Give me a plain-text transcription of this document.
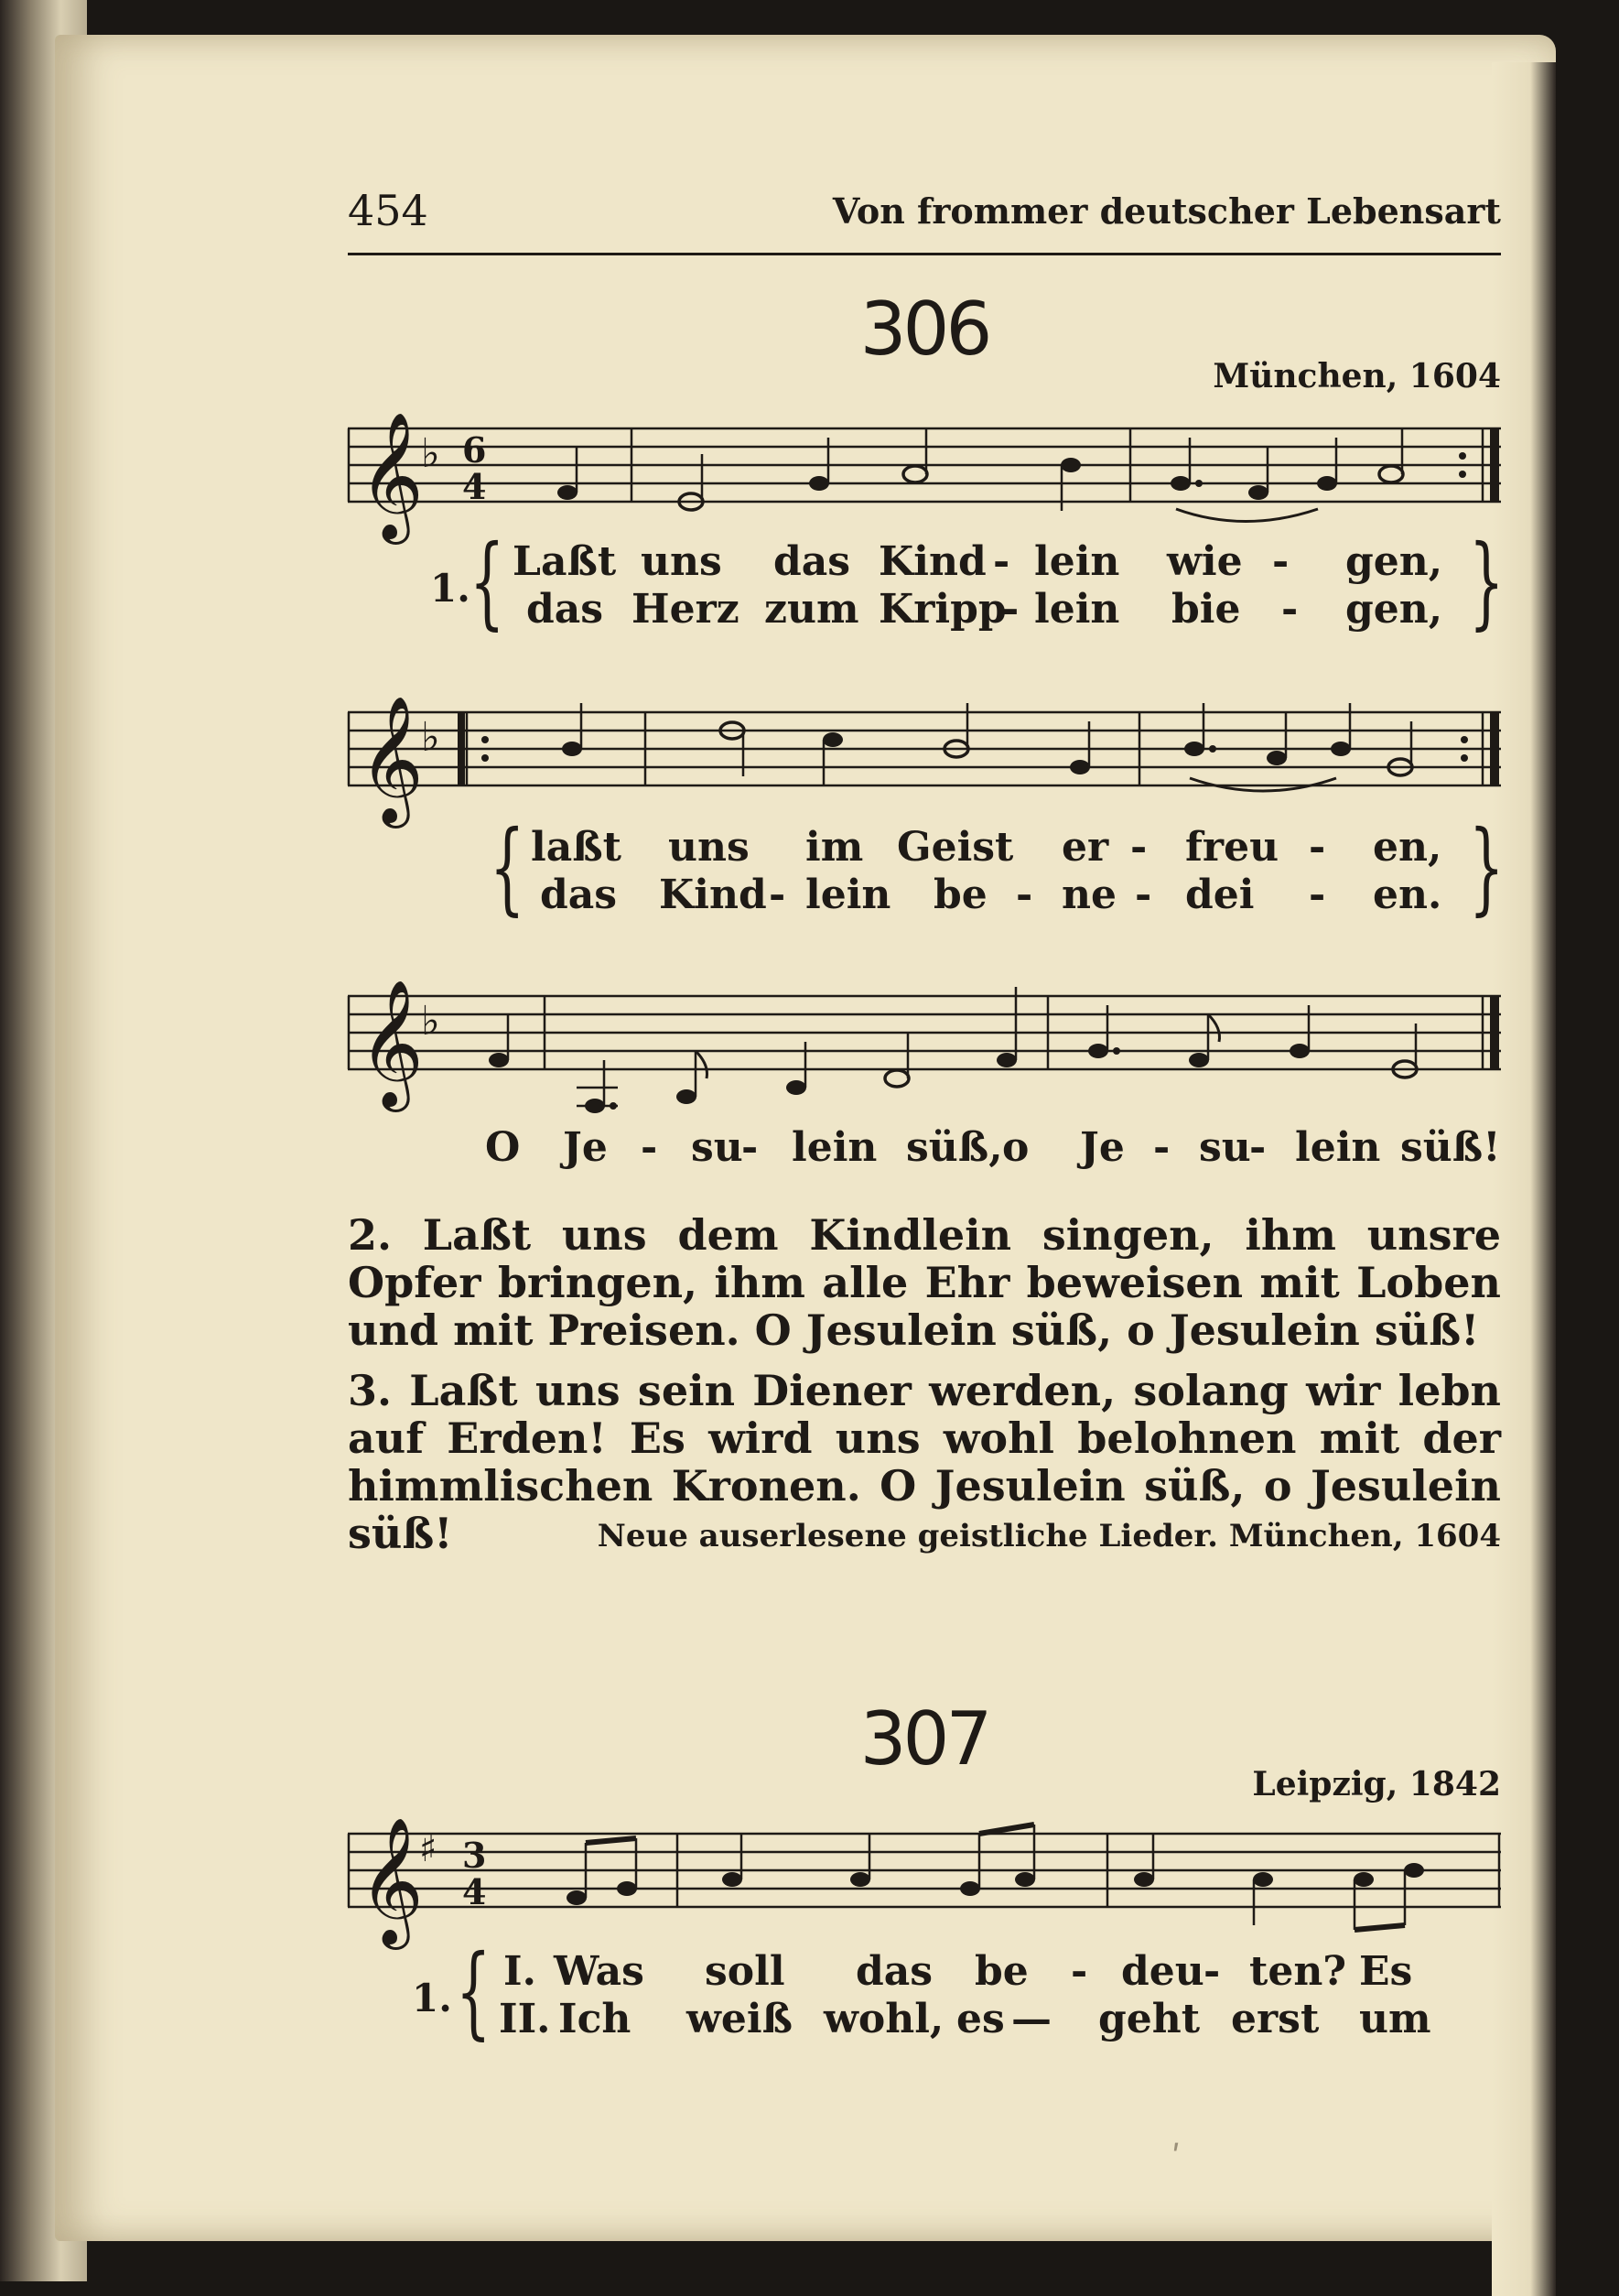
454	Von frommer deutscher Lebensart
306
München, 1604
𝄞
♭ 6
4
1. { Laßt uns das Kind - lein wie - gen,
das Herz zum Kripp
- lein bie - gen, }
𝄞
♭
{ laßt uns im Geist er - freu - en,
das Kind - lein be - ne - dei - en. }
𝄞
♭
O Je - su
- lein süß, o Je - su
- lein süß!
2. Laßt uns dem Kindlein singen, ihm unsre Opfer bringen, ihm alle Ehr beweisen mit Loben und mit Preisen. O Jesulein süß, o Jesulein süß!
3. Laßt uns sein Diener werden, solang wir lebn auf Erden! Es wird uns wohl belohnen mit der himmlischen Kronen. O Jesulein süß, o Jesulein süß!	Neue auserlesene geistliche Lieder. München, 1604
307
Leipzig, 1842
𝄞
♯ 3
4
1. { I. Was soll das be - deu - ten? Es
II. Ich weiß wohl, es — geht erst um
ʹ
